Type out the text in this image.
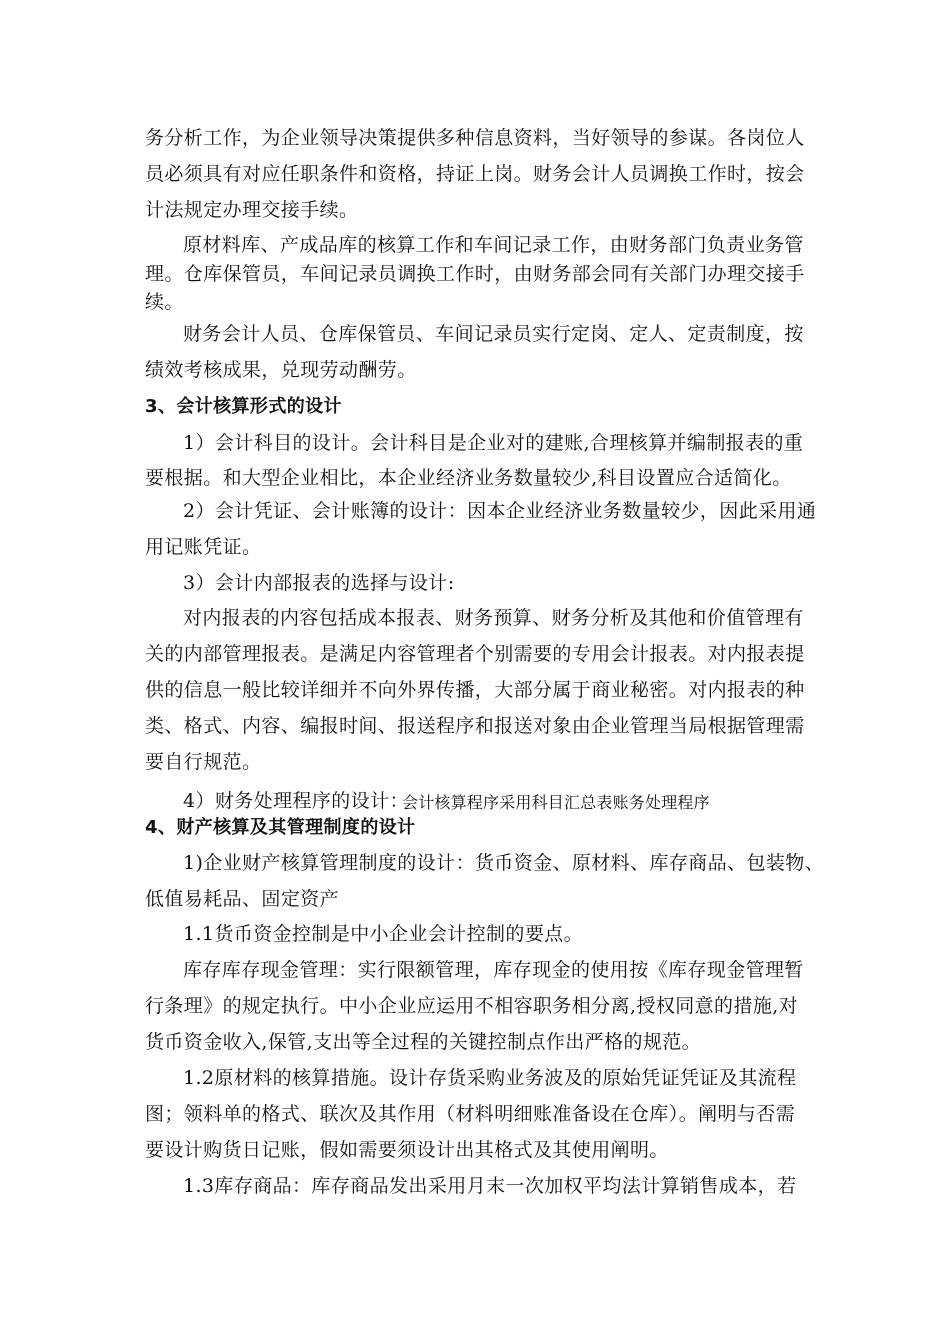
务分析工作，为企业领导决策提供多种信息资料，当好领导的参谋。各岗位人

员必须具有对应任职条件和资格，持证上岗。财务会计人员调换工作时，按会

计法规定办理交接手续。

原材料库、产成品库的核算工作和车间记录工作，由财务部门负责业务管

理。仓库保管员，车间记录员调换工作时，由财务部会同有关部门办理交接手

续。

财务会计人员、仓库保管员、车间记录员实行定岗、定人、定责制度，按

绩效考核成果，兑现劳动酬劳。

3、会计核算形式的设计

1）会计科目的设计。会计科目是企业对的建账,合理核算并编制报表的重

要根据。和大型企业相比，本企业经济业务数量较少,科目设置应合适简化。

2）会计凭证、会计账簿的设计：因本企业经济业务数量较少，因此采用通

用记账凭证。

3）会计内部报表的选择与设计:

对内报表的内容包括成本报表、财务预算、财务分析及其他和价值管理有

关的内部管理报表。是满足内容管理者个别需要的专用会计报表。对内报表提

供的信息一般比较详细并不向外界传播，大部分属于商业秘密。对内报表的种

类、格式、内容、编报时间、报送程序和报送对象由企业管理当局根据管理需

要自行规范。

4）财务处理程序的设计：

会计核算程序采用科目汇总表账务处理程序

4、财产核算及其管理制度的设计

1)企业财产核算管理制度的设计：货币资金、原材料、库存商品、包装物、

低值易耗品、固定资产

1.1货币资金控制是中小企业会计控制的要点。

库存库存现金管理：实行限额管理，库存现金的使用按《库存现金管理暂

行条理》的规定执行。中小企业应运用不相容职务相分离,授权同意的措施,对

货币资金收入,保管,支出等全过程的关键控制点作出严格的规范。

1.2原材料的核算措施。设计存货采购业务波及的原始凭证凭证及其流程

图；领料单的格式、联次及其作用（材料明细账准备设在仓库）。阐明与否需

要设计购货日记账，假如需要须设计出其格式及其使用阐明。

1.3库存商品：库存商品发出采用月末一次加权平均法计算销售成本，若
